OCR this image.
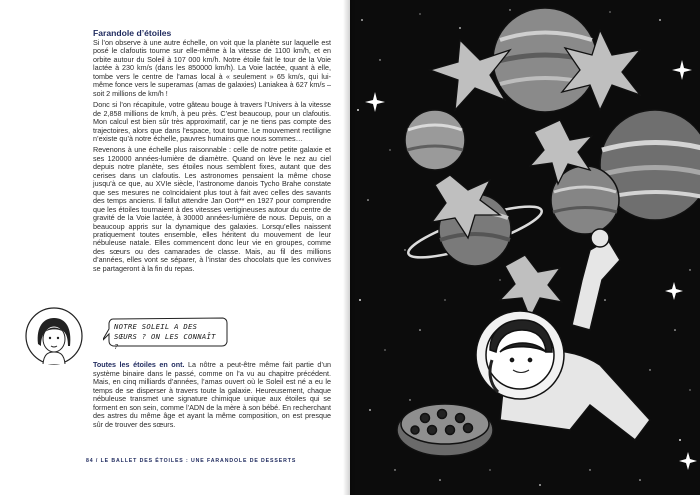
Farandole d’étoiles

Si l’on observe à une autre échelle, on voit que la planète sur laquelle est posé le clafoutis tourne sur elle-même à la vitesse de 1100 km/h, et en orbite autour du Soleil à 107 000 km/h. Notre étoile fait le tour de la Voie lactée à 230 km/s (dans les 850000 km/h). La Voie lactée, quant à elle, tombe vers le centre de l’amas local à « seulement » 65 km/s, qui lui-même fonce vers le superamas (amas de galaxies) Laniakea à 627 km/s – soit 2 millions de km/h !

Donc si l’on récapitule, votre gâteau bouge à travers l’Univers à la vitesse de 2,858 millions de km/h, à peu près. C’est beaucoup, pour un clafoutis. Mon calcul est bien sûr très approximatif, car je ne tiens pas compte des trajectoires, alors que dans l’espace, tout tourne. Le mouvement rectiligne n’existe qu’à notre échelle, pauvres humains que nous sommes…

Revenons à une échelle plus raisonnable : celle de notre petite galaxie et ses 120000 années-lumière de diamètre. Quand on lève le nez au ciel depuis notre planète, ses étoiles nous semblent fixes, autant que des cerises dans un clafoutis. Les astronomes pensaient la même chose jusqu’à ce que, au XVIe siècle, l’astronome danois Tycho Brahe constate que ses mesures ne coïncidaient plus tout à fait avec celles des savants des temps anciens. Il fallut attendre Jan Oort** en 1927 pour comprendre que les étoiles tournaient à des vitesses vertigineuses autour du centre de gravité de la Voie lactée, à 30000 années-lumière de nous. Depuis, on a beaucoup appris sur la dynamique des galaxies. Lorsqu’elles naissent pratiquement toutes ensemble, elles héritent du mouvement de leur nébuleuse natale. Elles commencent donc leur vie en groupes, comme des sœurs ou des camarades de classe. Mais, au fil des millions d’années, elles vont se séparer, à l’instar des chocolats que les convives se partageront à la fin du repas.

NOTRE SOLEIL A DES SŒURS ? ON LES CONNAÎT ?
Toutes les étoiles en ont. La nôtre a peut-être même fait partie d’un système binaire dans le passé, comme on l’a vu au chapitre précédent. Mais, en cinq milliards d’années, l’amas ouvert où le Soleil est né a eu le temps de se disperser à travers toute la galaxie. Heureusement, chaque nébuleuse transmet une signature chimique unique aux étoiles qui se forment en son sein, comme l’ADN de la mère à son bébé. En recherchant des astres du même âge et ayant la même composition, on est presque sûr de trouver des sœurs.
84 / LE BALLET DES ÉTOILES : UNE FARANDOLE DE DESSERTS
